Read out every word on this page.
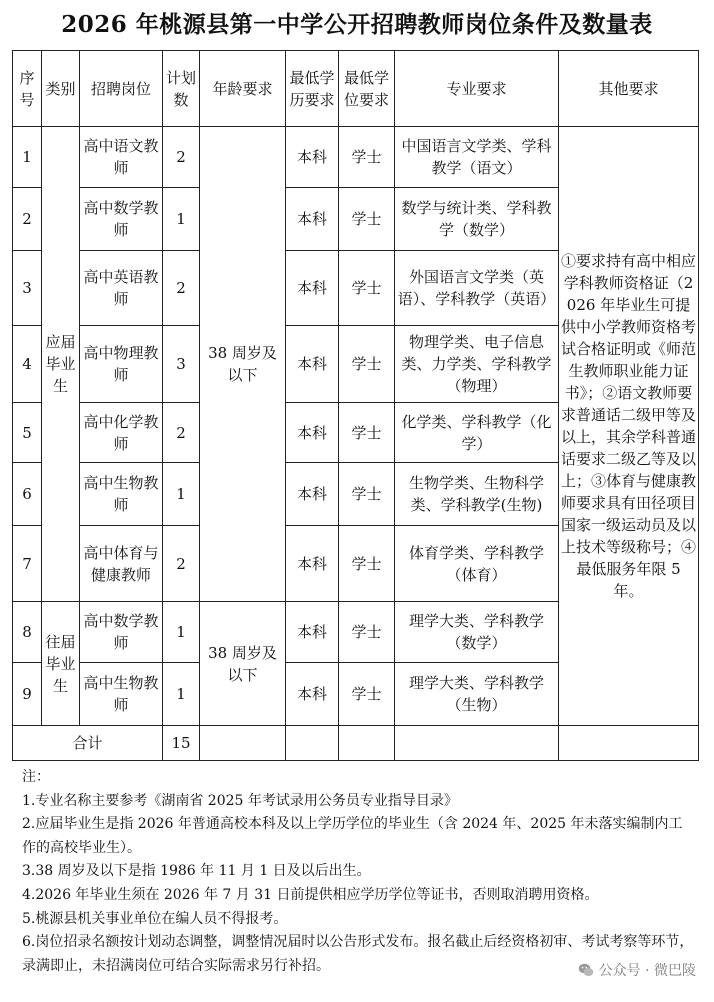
2026 年桃源县第一中学公开招聘教师岗位条件及数量表
序号	类别	招聘岗位	计划数	年龄要求	最低学历要求	最低学位要求	专业要求	其他要求
1	应届毕业生	高中语文教师	2	38 周岁及以下	本科	学士	中国语言文学类、学科教学（语文）	①要求持有高中相应学科教师资格证（2026 年毕业生可提供中小学教师资格考试合格证明或《师范生教师职业能力证书》；②语文教师要求普通话二级甲等及以上，其余学科普通话要求二级乙等及以上；③体育与健康教师要求具有田径项目国家一级运动员及以上技术等级称号；④最低服务年限 5 年。
2		高中数学教师	1		本科	学士	数学与统计类、学科教学（数学）	
3		高中英语教师	2		本科	学士	外国语言文学类（英语）、学科教学（英语）	
4		高中物理教师	3		本科	学士	物理学类、电子信息类、力学类、学科教学（物理）	
5		高中化学教师	2		本科	学士	化学类、学科教学（化学）	
6		高中生物教师	1		本科	学士	生物学类、生物科学类、学科教学(生物)	
7		高中体育与健康教师	2		本科	学士	体育学类、学科教学（体育）	
8	往届毕业生	高中数学教师	1	38 周岁及以下	本科	学士	理学大类、学科教学（数学）	
9		高中生物教师	1		本科	学士	理学大类、学科教学（生物）	
合计			15					
注：
1.专业名称主要参考《湖南省 2025 年考试录用公务员专业指导目录》
2.应届毕业生是指 2026 年普通高校本科及以上学历学位的毕业生（含 2024 年、2025 年未落实编制内工作的高校毕业生）。
3.38 周岁及以下是指 1986 年 11 月 1 日及以后出生。
4.2026 年毕业生须在 2026 年 7 月 31 日前提供相应学历学位等证书，否则取消聘用资格。
5.桃源县机关事业单位在编人员不得报考。
6.岗位招录名额按计划动态调整，调整情况届时以公告形式发布。报名截止后经资格初审、考试考察等环节，录满即止，未招满岗位可结合实际需求另行补招。	公众号 · 微巴陵
